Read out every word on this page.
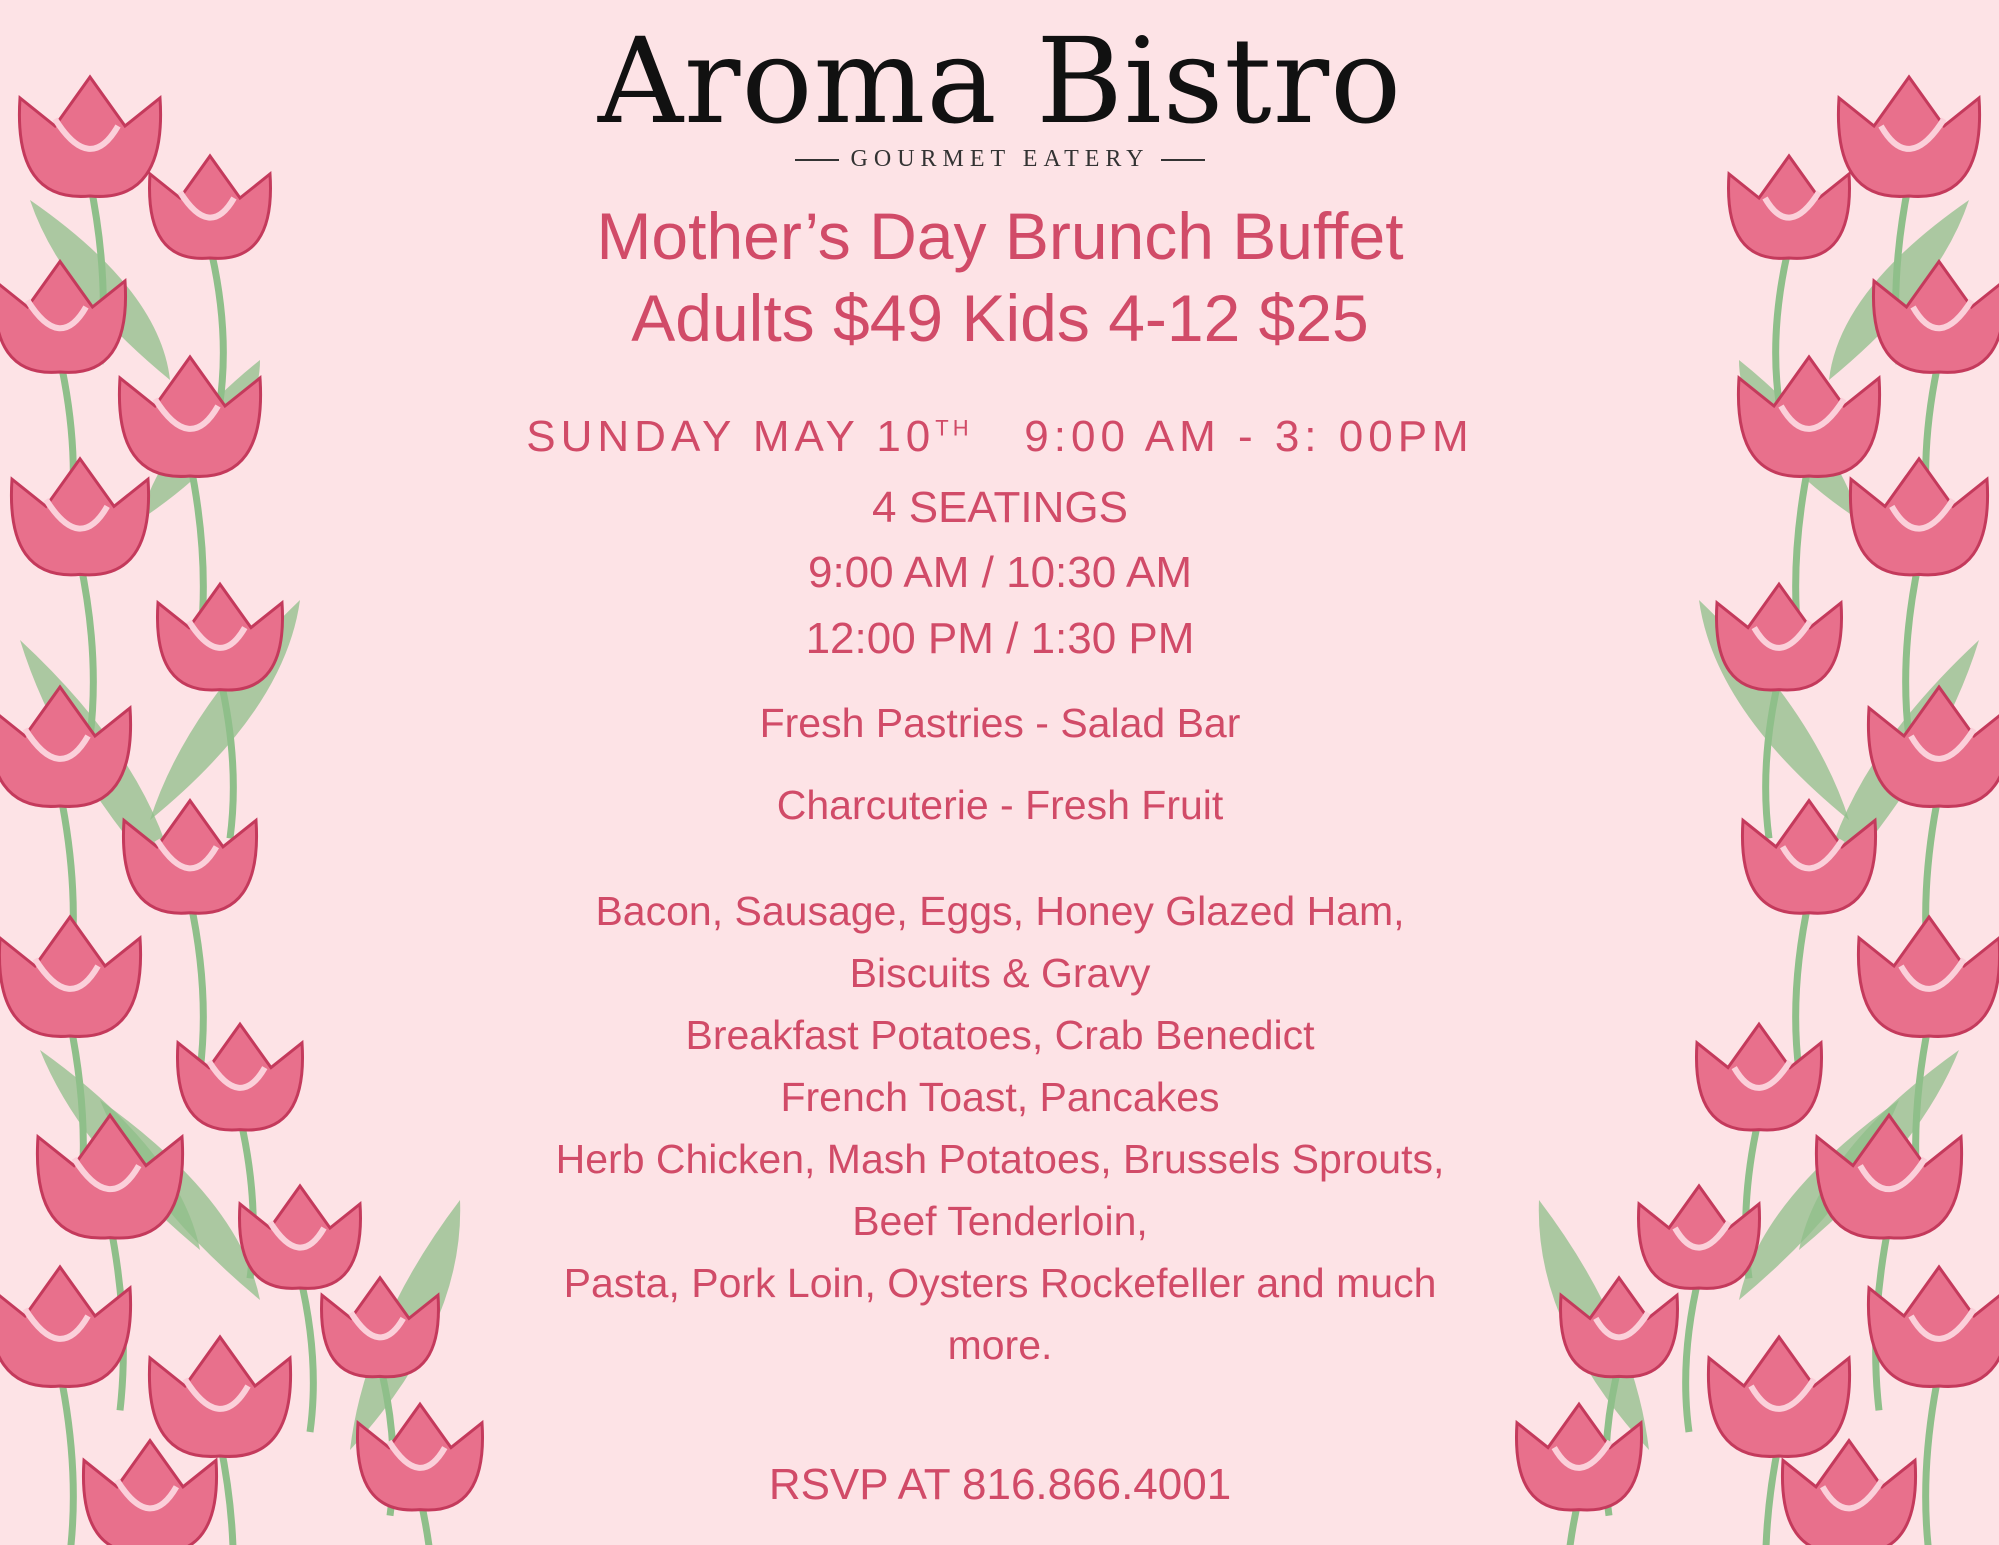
Aroma Bistro
GOURMET EATERY
Mother’s Day Brunch Buffet
Adults $49 Kids 4-12 $25
SUNDAY MAY 10TH 9:00 AM - 3: 00PM
4 SEATINGS
9:00 AM / 10:30 AM
12:00 PM / 1:30 PM
Fresh Pastries - Salad Bar
Charcuterie - Fresh Fruit
Bacon, Sausage, Eggs, Honey Glazed Ham,
Biscuits & Gravy
Breakfast Potatoes, Crab Benedict
French Toast, Pancakes
Herb Chicken, Mash Potatoes, Brussels Sprouts,
Beef Tenderloin,
Pasta, Pork Loin, Oysters Rockefeller and much
more.
RSVP AT 816.866.4001
